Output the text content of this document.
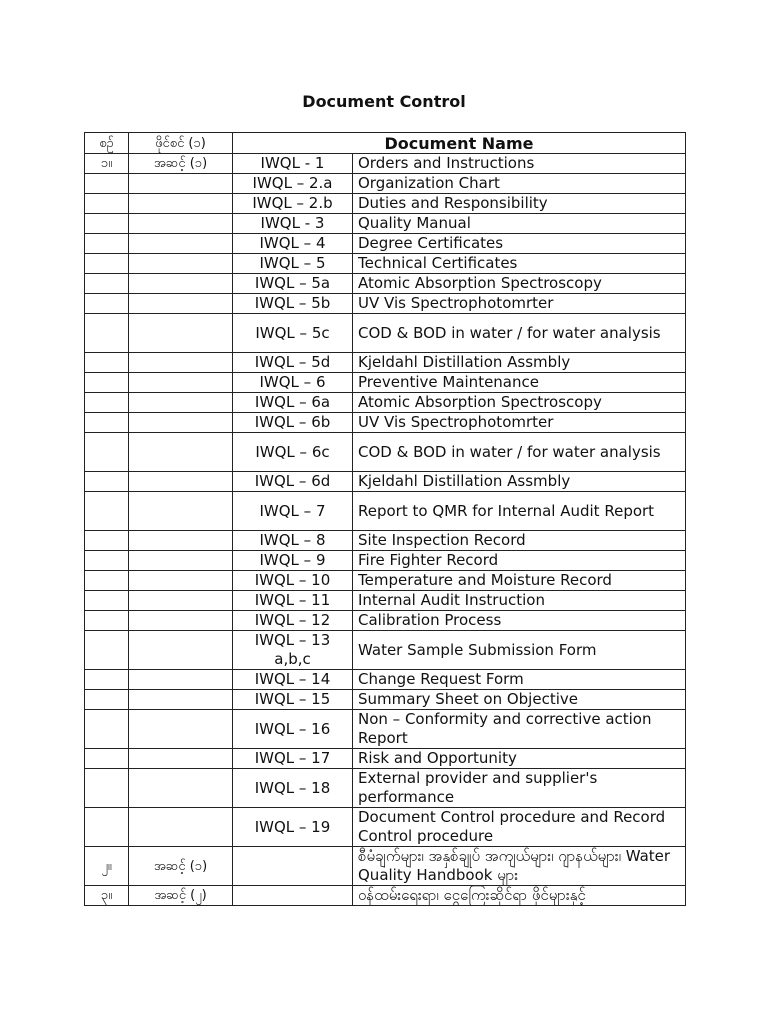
Document Control
စဉ်	ဖိုင်စင် (၁)	Document Name	
၁။	အဆင့် (၁)	IWQL - 1	Orders and Instructions
		IWQL – 2.a	Organization Chart
		IWQL – 2.b	Duties and Responsibility
		IWQL - 3	Quality Manual
		IWQL – 4	Degree Certificates
		IWQL – 5	Technical Certificates
		IWQL – 5a	Atomic Absorption Spectroscopy
		IWQL – 5b	UV Vis Spectrophotomrter
		IWQL – 5c	COD & BOD in water / for water analysis
		IWQL – 5d	Kjeldahl Distillation Assmbly
		IWQL – 6	Preventive Maintenance
		IWQL – 6a	Atomic Absorption Spectroscopy
		IWQL – 6b	UV Vis Spectrophotomrter
		IWQL – 6c	COD & BOD in water / for water analysis
		IWQL – 6d	Kjeldahl Distillation Assmbly
		IWQL – 7	Report to QMR for Internal Audit Report
		IWQL – 8	Site Inspection Record
		IWQL – 9	Fire Fighter Record
		IWQL – 10	Temperature and Moisture Record
		IWQL – 11	Internal Audit Instruction
		IWQL – 12	Calibration Process
		IWQL – 13 a,b,c	Water Sample Submission Form
		IWQL – 14	Change Request Form
		IWQL – 15	Summary Sheet on Objective
		IWQL – 16	Non – Conformity and corrective action Report
		IWQL – 17	Risk and Opportunity
		IWQL – 18	External provider and supplier's performance
		IWQL – 19	Document Control procedure and Record Control procedure
၂။	အဆင့် (၁)		စီမံချက်များ၊ အနှစ်ချုပ် အကျယ်များ၊ ဂျာနယ်များ၊ Water Quality Handbook များ
၃။	အဆင့် (၂)		ဝန်ထမ်းရေးရာ၊ ငွေကြေးဆိုင်ရာ ဖိုင်များနှင့်
